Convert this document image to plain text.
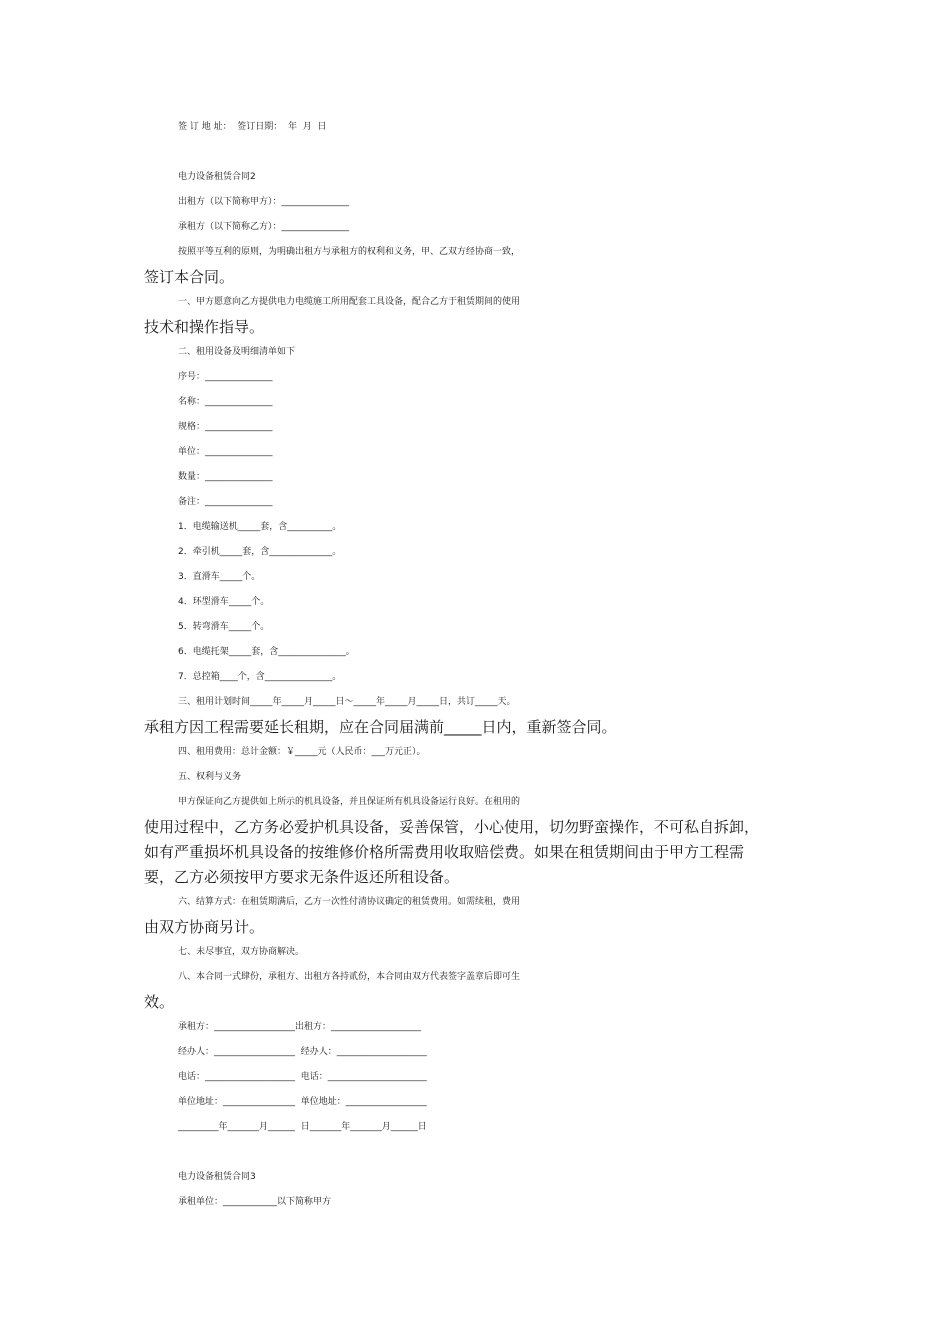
签 订 地 址：  签订日期：  年  月  日
电力设备租赁合同2
出租方（以下简称甲方）：_______________
承租方（以下简称乙方）：_______________
按照平等互利的原则，为明确出租方与承租方的权利和义务，甲、乙双方经协商一致，
签订本合同。
一、甲方愿意向乙方提供电力电缆施工所用配套工具设备，配合乙方于租赁期间的使用
技术和操作指导。
二、租用设备及明细清单如下
序号：_______________
名称：_______________
规格：_______________
单位：_______________
数量：_______________
备注：_______________
1．电缆输送机_____套，含__________。
2．牵引机_____套，含______________。
3．直滑车_____个。
4．环型滑车_____个。
5．转弯滑车_____个。
6．电缆托架_____套，含_______________。
7．总控箱____个，含_______________。
三、租用计划时间_____年_____月_____日～_____年_____月_____日，共订_____天。
承租方因工程需要延长租期，应在合同届满前_____日内，重新签合同。
四、租用费用：总计金额：￥_____元（人民币：___万元正）。
五、权利与义务
甲方保证向乙方提供如上所示的机具设备，并且保证所有机具设备运行良好。在租用的
使用过程中，乙方务必爱护机具设备，妥善保管，小心使用，切勿野蛮操作，不可私自拆卸，
如有严重损坏机具设备的按维修价格所需费用收取赔偿费。如果在租赁期间由于甲方工程需
要，乙方必须按甲方要求无条件返还所租设备。
六、结算方式：在租赁期满后，乙方一次性付清协议确定的租赁费用。如需续租，费用
由双方协商另计。
七、未尽事宜，双方协商解决。
八、本合同一式肆份，承租方、出租方各持贰份，本合同由双方代表签字盖章后即可生
效。
承租方：__________________出租方：____________________
经办人：__________________  经办人：____________________
电话：____________________  电话：______________________
单位地址：________________  单位地址：__________________
_________年_______月______  日_______年_______月______日
电力设备租赁合同3
承租单位：____________以下简称甲方
